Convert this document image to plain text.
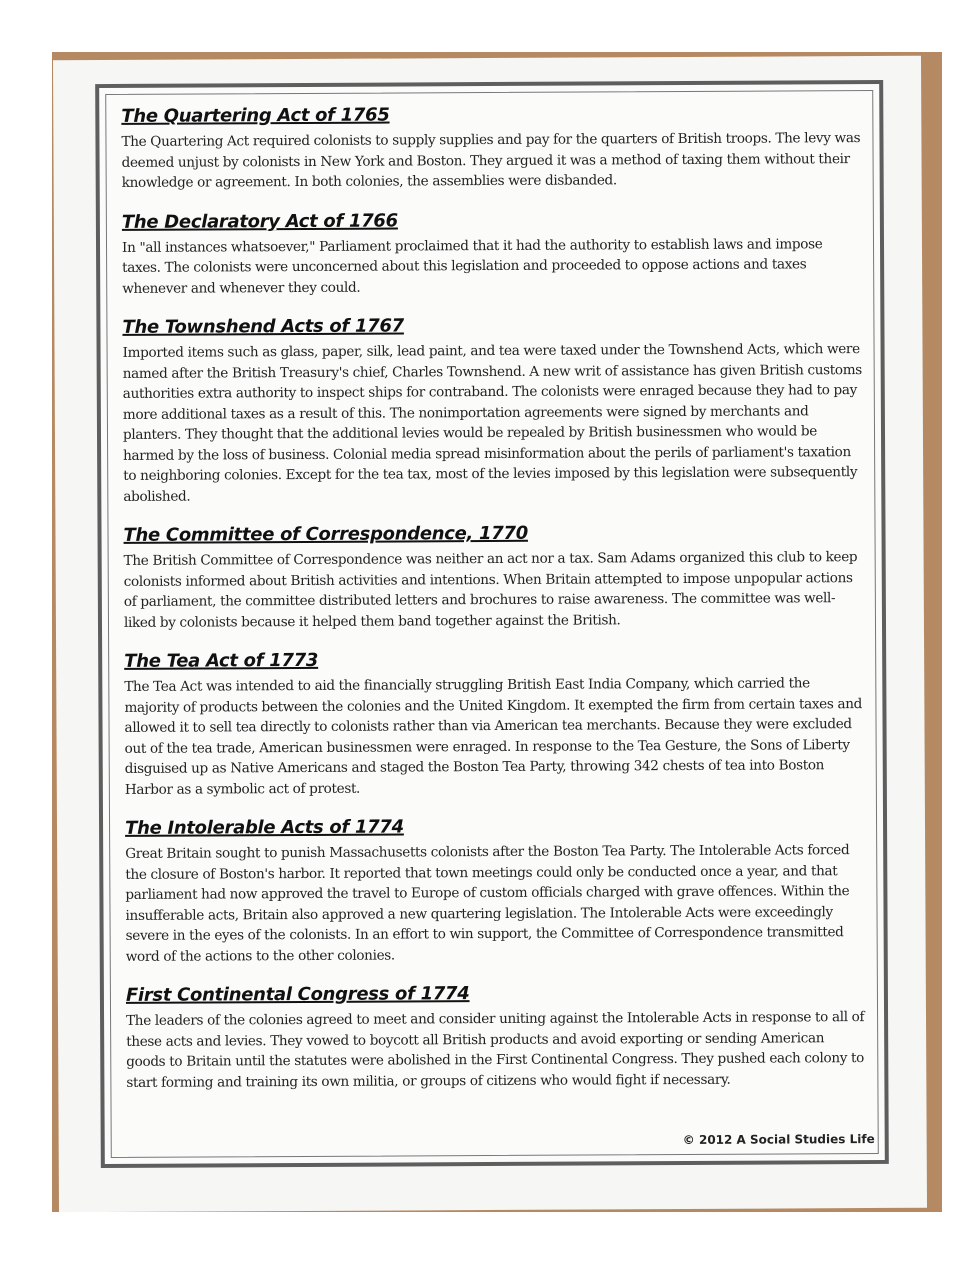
The Quartering Act of 1765

The Quartering Act required colonists to supply supplies and pay for the quarters of British troops. The levy was deemed unjust by colonists in New York and Boston. They argued it was a method of taxing them without their knowledge or agreement. In both colonies, the assemblies were disbanded.

The Declaratory Act of 1766

In "all instances whatsoever," Parliament proclaimed that it had the authority to establish laws and impose taxes. The colonists were unconcerned about this legislation and proceeded to oppose actions and taxes whenever and whenever they could.

The Townshend Acts of 1767

Imported items such as glass, paper, silk, lead paint, and tea were taxed under the Townshend Acts, which were named after the British Treasury's chief, Charles Townshend. A new writ of assistance has given British customs authorities extra authority to inspect ships for contraband. The colonists were enraged because they had to pay more additional taxes as a result of this. The nonimportation agreements were signed by merchants and planters. They thought that the additional levies would be repealed by British businessmen who would be harmed by the loss of business. Colonial media spread misinformation about the perils of parliament's taxation to neighboring colonies. Except for the tea tax, most of the levies imposed by this legislation were subsequently abolished.

The Committee of Correspondence, 1770

The British Committee of Correspondence was neither an act nor a tax. Sam Adams organized this club to keep colonists informed about British activities and intentions. When Britain attempted to impose unpopular actions of parliament, the committee distributed letters and brochures to raise awareness. The committee was well-liked by colonists because it helped them band together against the British.

The Tea Act of 1773

The Tea Act was intended to aid the financially struggling British East India Company, which carried the majority of products between the colonies and the United Kingdom. It exempted the firm from certain taxes and allowed it to sell tea directly to colonists rather than via American tea merchants. Because they were excluded out of the tea trade, American businessmen were enraged. In response to the Tea Gesture, the Sons of Liberty disguised up as Native Americans and staged the Boston Tea Party, throwing 342 chests of tea into Boston Harbor as a symbolic act of protest.

The Intolerable Acts of 1774

Great Britain sought to punish Massachusetts colonists after the Boston Tea Party. The Intolerable Acts forced the closure of Boston's harbor. It reported that town meetings could only be conducted once a year, and that parliament had now approved the travel to Europe of custom officials charged with grave offences. Within the insufferable acts, Britain also approved a new quartering legislation. The Intolerable Acts were exceedingly severe in the eyes of the colonists. In an effort to win support, the Committee of Correspondence transmitted word of the actions to the other colonies.

First Continental Congress of 1774

The leaders of the colonies agreed to meet and consider uniting against the Intolerable Acts in response to all of these acts and levies. They vowed to boycott all British products and avoid exporting or sending American goods to Britain until the statutes were abolished in the First Continental Congress. They pushed each colony to start forming and training its own militia, or groups of citizens who would fight if necessary.

© 2012 A Social Studies Life
